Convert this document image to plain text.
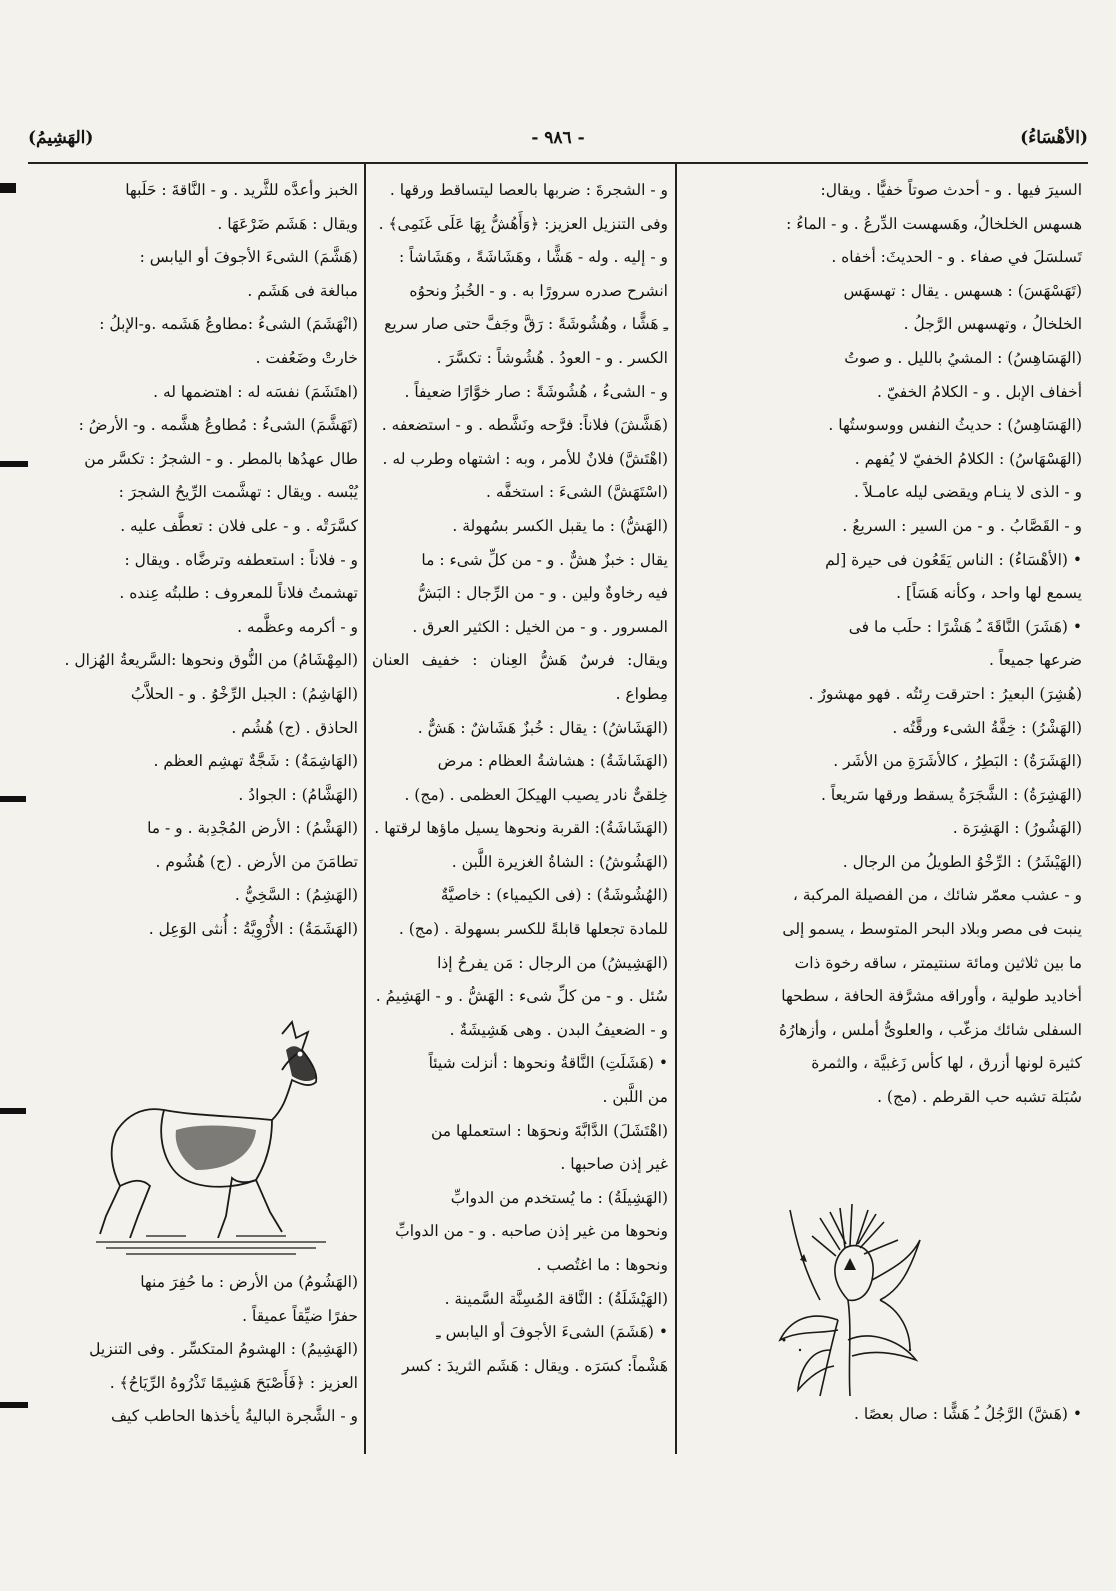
(الأهْسَاءُ)
- ٩٨٦ -
(الهَشِيمُ)

السيرَ فيها . و - أحدث صوتاً خفيًّا . ويقال:

هسهس الخلخالُ، وهَسهست الدِّرعُ . و - الماءُ :

تَسلسَلَ في صفاء . و - الحديثَ: أخفاه .

(تَهَسْهَسَ) : هسهس . يقال : تهسهَس

الخلخالُ ، وتهسهس الرَّجلُ .

(الهَسَاهِسُ) : المشيُ بالليل . و صوتُ

أخفاف الإبل . و - الكلامُ الخفيّ .

(الهَسَاهِسُ) : حديثُ النفس ووسوستُها .

(الهَسْهَاسُ) : الكلامُ الخفيّ لا يُفهم .

و - الذى لا ينـام ويقضى ليله عامـلاً .

و - القَصَّابُ . و - من السير : السريعُ .

• (الأهْسَاءُ) : الناس يَقَعُون فى حيرة [لم

يسمع لها واحد ، وكأنه هَسَاً] .

• (هَشَرَ) النَّاقَةَ ـُ هَشْرًا : حلَب ما فى

ضرعها جميعاً .

(هُشِرَ) البعيرُ : احترقت رِئتُه . فهو مهشورٌ .

(الهَشْرُ) : خِفَّةُ الشىء ورقَّتُه .

(الهَشَرَةُ) : البَطِرُ ، كالأشَرَةِ من الأشَر .

(الهَشِرَةُ) : الشَّجَرَةُ يسقط ورقها سَريعاً .

(الهَشُورُ) : الهَشِرَة .

(الهَيْشَرُ) : الرِّخْوُ الطويلُ من الرجال .

و - عشب معمّر شائك ، من الفصيلة المركبة ،

ينبت فى مصر وبلاد البحر المتوسط ، يسمو إلى

ما بين ثلاثين ومائة سنتيمتر ، ساقه رخوة ذات

أخاديد طولية ، وأوراقه مشرَّفة الحافة ، سطحها

السفلى شائك مزغّب ، والعلوىُّ أملس ، وأزهارُهُ

كثيرة لونها أزرق ، لها كأس زَغبيَّة ، والثمرة

سُبَلة تشبه حب القرطم . (مج) .

• (هَشَّ) الرَّجُلُ ـُ هَشًّا : صال بعصًا .

و - الشجرةَ : ضربها بالعصا ليتساقط ورقها .

وفى التنزيل العزيز: ﴿وَأَهُشُّ بِهَا عَلَى غَنَمِى﴾ .

و - إليه . وله - هَشًّا ، وهَشَاشَةً ، وهَشَاشاً :

انشرح صدره سرورًا به . و - الخُبزُ ونحوُه

ـِ هَشًّا ، وهُشُوشَةً : رَقَّ وجَفَّ حتى صار سريع

الكسر . و - العودُ . هُشُوشاً : تكسَّرَ .

و - الشىءُ ، هُشُوشَةً : صار خوَّارًا ضعيفاً .

(هَشَّشَ) فلاناً: فرَّحه ونَشَّطه . و - استضعفه .

(اهْتَشَّ) فلانٌ للأمر ، وبه : اشتهاه وطرب له .

(اسْتَهَشَّ) الشىءَ : استخفَّه .

(الهَشُّ) : ما يقبل الكسر بسُهولة .

يقال : خبزٌ هشٌّ . و - من كلِّ شىء : ما

فيه رخاوةٌ ولين . و - من الرِّجال : البَشُّ

المسرور . و - من الخيل : الكثير العرق .

ويقال: فرسٌ هَشُّ العِنان : خفيف العنان مِطواع .

(الهَشَاشُ) : يقال : خُبزٌ هَشَاشٌ : هَشٌّ .

(الهَشَاشَةُ) : هشاشةُ العظام : مرض

خِلقىٌّ نادر يصيب الهيكلَ العظمى . (مج) .

(الهَشَاشَةُ): القربة ونحوها يسيل ماؤها لرقتها .

(الهَشُوشُ) : الشاةُ الغزيرة اللَّبن .

(الهُشُوشَةُ) : (فى الكيمياء) : خاصيَّةٌ

للمادة تجعلها قابلةً للكسر بسهولة . (مج) .

(الهَشِيشُ) من الرجال : مَن يفرحُ إذا

سُئل . و - من كلِّ شىء : الهَشُّ . و - الهَشِيمُ .

و - الضعيفُ البدن . وهى هَشِيشَةٌ .

• (هَشَلَتِ) النَّاقةُ ونحوها : أنزلت شيئاً

من اللَّبن .

(اهْتَشَلَ) الدَّابَّةَ ونحوَها : استعملها من

غير إذن صاحبها .

(الهَشِيلَةُ) : ما يُستخدم من الدوابِّ

ونحوها من غير إذن صاحبه . و - من الدوابِّ

ونحوها : ما اغتُصب .

(الهَيْشَلَةُ) : النَّاقة المُسِنَّة السَّمينة .

• (هَشَمَ) الشىءَ الأجوفَ أو اليابس ـِ

هَشْماً: كسَرَه . ويقال : هَشَم الثريدَ : كسر

الخبز وأعدَّه للثَّريد . و - النَّاقةَ : حَلَبها

ويقال : هَشَم ضَرْعَهَا .

(هَشَّمَ) الشىءَ الأجوفَ أو اليابس :

مبالغة فى هَشَم .

(انْهَشَمَ) الشىءُ :مطاوعُ هَشَمه .و-الإبلُ :

خارتْ وضَعُفت .

(اهتَشَمَ) نفسَه له : اهتضمها له .

(تَهَشَّمَ) الشىءُ : مُطاوعُ هشَّمه . و- الأرضُ :

طال عهدُها بالمطر . و - الشجرُ : تكسَّر من

يُبْسه . ويقال : تهشَّمت الرِّيحُ الشجرَ :

كسَّرَتْه . و - على فلان : تعطَّف عليه .

و - فلاناً : استعطفه وترضَّاه . ويقال :

تهشمتُ فلاناً للمعروف : طلبتُه عِنده .

و - أكرمه وعظَّمه .

(المِهْشَامُ) من النُّوق ونحوها :السَّريعةُ الهُزال .

(الهَاشِمُ) : الجبل الرِّخْوُ . و - الحلاَّبُ

الحاذق . (ج) هُشُم .

(الهَاشِمَةُ) : شَجَّةٌ تهشِم العظم .

(الهَشَّامُ) : الجوادُ .

(الهَشْمُ) : الأرض المُجْدِبة . و - ما

تطامَنَ من الأرض . (ج) هُشُوم .

(الهَشِمُ) : السَّخِيُّ .

(الهَشَمَةُ) : الأُرْوِيَّةُ : أُنثى الوَعِل .

(الهَشُومُ) من الأرض : ما حُفِرَ منها

حفرًا ضيِّقاً عميقاً .

(الهَشِيمُ) : الهشومُ المتكسِّر . وفى التنزيل

العزيز : ﴿فَأَصْبَحَ هَشِيمًا تَذْرُوهُ الرِّيَاحُ﴾ .

و - الشَّجرة الباليةُ يأخذها الحاطب كيف
